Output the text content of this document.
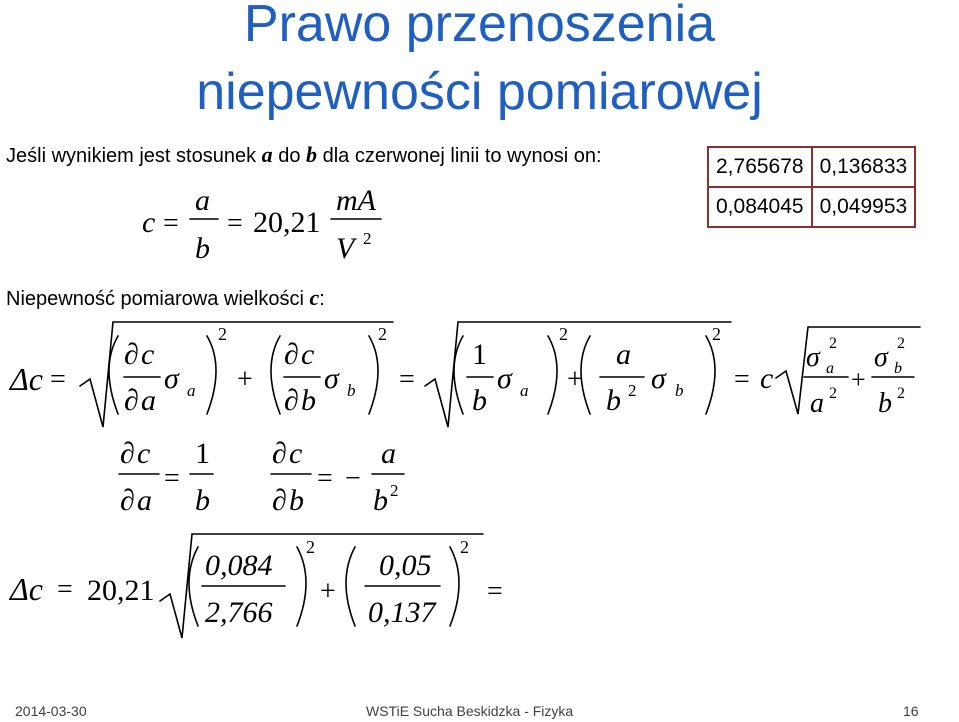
Prawo przenoszenia
niepewności pomiarowej
Jeśli wynikiem jest stosunek a do b dla czerwonej linii to wynosi on:	2,765678	0,136833
0,084045	0,049953
Niepewność pomiarowa wielkości c:
c =
a
b
= 20,21
mA
V 2
Δc =
∂ c
∂ a
σ a
2
+
∂ c
∂ b
σ b
2
=
1
b
σ a
2
+
a
b 2 σ b
2
= c
σ 2
a
a 2 +
σ 2
b
b 2
∂ c
∂ a
=
1
b
∂ c
∂ b
= −
a
b 2
Δc = 20,21
0,084
2,766
2
+
0,05
0,137
2
=
2014-03-30	WSTiE Sucha Beskidzka - Fizyka	16
